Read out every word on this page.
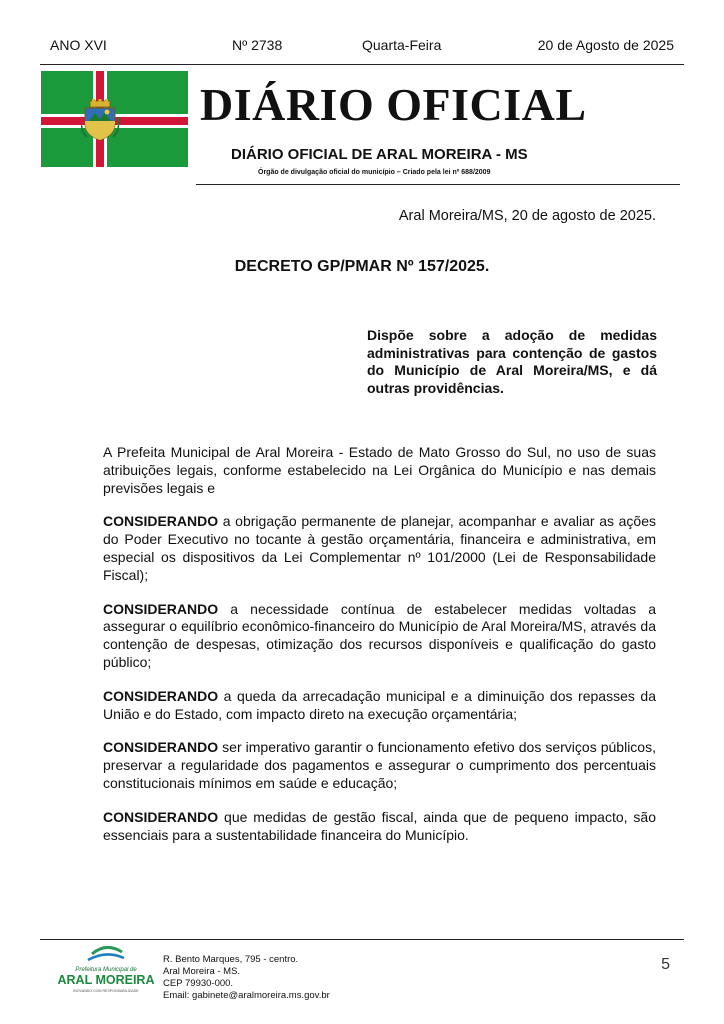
ANO XVI	Nº 2738	Quarta-Feira	20 de Agosto de 2025
DIÁRIO OFICIAL
DIÁRIO OFICIAL DE ARAL MOREIRA - MS
Órgão de divulgação oficial do município – Criado pela lei nº 688/2009
Aral Moreira/MS, 20 de agosto de 2025.
DECRETO GP/PMAR Nº 157/2025.
Dispõe sobre a adoção de medidas administrativas para contenção de gastos do Município de Aral Moreira/MS, e dá outras providências.

A Prefeita Municipal de Aral Moreira - Estado de Mato Grosso do Sul, no uso de suas atribuições legais, conforme estabelecido na Lei Orgânica do Município e nas demais previsões legais e

CONSIDERANDO a obrigação permanente de planejar, acompanhar e avaliar as ações do Poder Executivo no tocante à gestão orçamentária, financeira e administrativa, em especial os dispositivos da Lei Complementar nº 101/2000 (Lei de Responsabilidade Fiscal);

CONSIDERANDO a necessidade contínua de estabelecer medidas voltadas a assegurar o equilíbrio econômico-financeiro do Município de Aral Moreira/MS, através da contenção de despesas, otimização dos recursos disponíveis e qualificação do gasto público;

CONSIDERANDO a queda da arrecadação municipal e a diminuição dos repasses da União e do Estado, com impacto direto na execução orçamentária;

CONSIDERANDO ser imperativo garantir o funcionamento efetivo dos serviços públicos, preservar a regularidade dos pagamentos e assegurar o cumprimento dos percentuais constitucionais mínimos em saúde e educação;

CONSIDERANDO que medidas de gestão fiscal, ainda que de pequeno impacto, são essenciais para a sustentabilidade financeira do Município.

Prefeitura Municipal de
ARAL MOREIRA
INOVANDO COM RESPONSABILIDADE
R. Bento Marques, 795 - centro.
Aral Moreira - MS.
CEP 79930-000.
Email: gabinete@aralmoreira.ms.gov.br
5
